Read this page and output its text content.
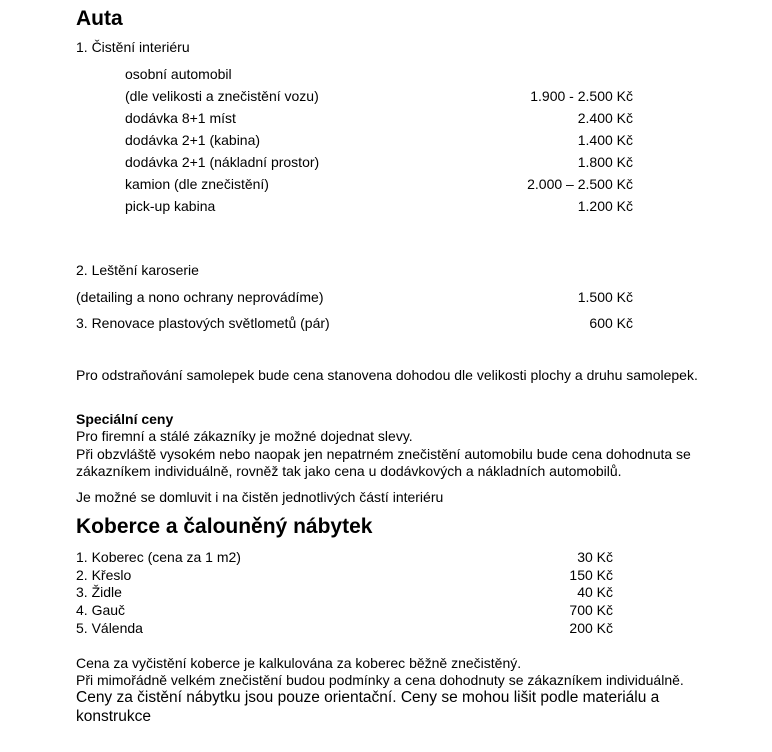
Auta
1. Čistění interiéru
osobní automobil
(dle velikosti a znečistění vozu)	1.900 - 2.500 Kč
dodávka 8+1 míst	2.400 Kč
dodávka 2+1 (kabina)	1.400 Kč
dodávka 2+1 (nákladní prostor)	1.800 Kč
kamion (dle znečistění)	2.000 – 2.500 Kč
pick-up kabina	1.200 Kč
2. Leštění karoserie
(detailing a nono ochrany neprovádíme)	1.500 Kč
3. Renovace plastových světlometů (pár)	600 Kč
Pro odstraňování samolepek bude cena stanovena dohodou dle velikosti plochy a druhu samolepek.
Speciální ceny
Pro firemní a stálé zákazníky je možné dojednat slevy.
Při obzvláště vysokém nebo naopak jen nepatrném znečistění automobilu bude cena dohodnuta se
zákazníkem individuálně, rovněž tak jako cena u dodávkových a nákladních automobilů.
Je možné se domluvit i na čistěn jednotlivých částí interiéru
Koberce a čalouněný nábytek
1. Koberec (cena za 1 m2)	30 Kč
2. Křeslo	150 Kč
3. Židle	40 Kč
4. Gauč	700 Kč
5. Válenda	200 Kč
Cena za vyčistění koberce je kalkulována za koberec běžně znečistěný.
Při mimořádně velkém znečistění budou podmínky a cena dohodnuty se zákazníkem individuálně.
Ceny za čistění nábytku jsou pouze orientační. Ceny se mohou lišit podle materiálu a
konstrukce
